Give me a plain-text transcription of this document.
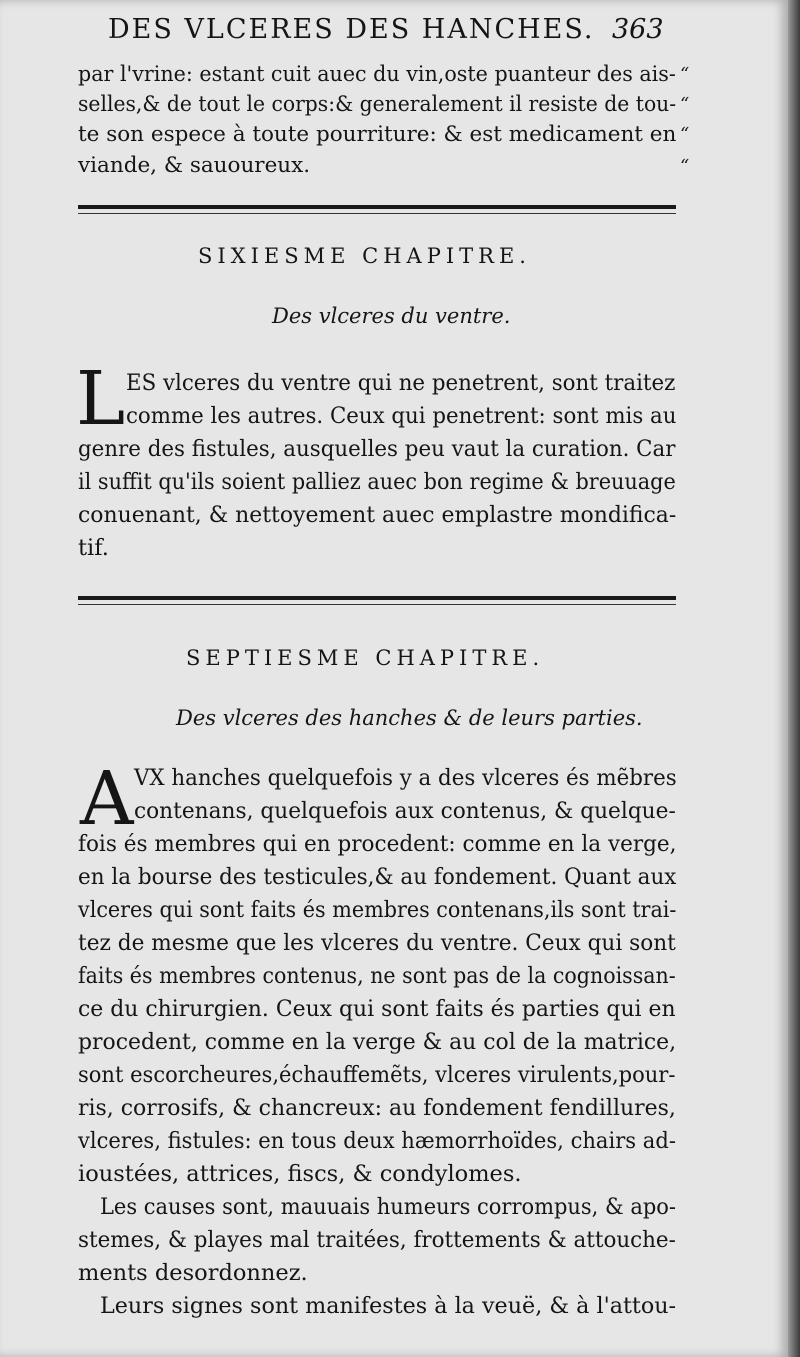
DES VLCERES DES HANCHES. 363
par l'vrine: estant cuit auec du vin,oste puanteur des ais-
selles,& de tout le corps:& generalement il resiste de tou-
te son espece à toute pourriture: & est medicament en
viande, & sauoureux.
“
“
“
“
SIXIESME CHAPITRE.
Des vlceres du ventre.
L ES vlceres du ventre qui ne penetrent, sont traitez
comme les autres. Ceux qui penetrent: sont mis au
genre des fistules, ausquelles peu vaut la curation. Car
il suffit qu'ils soient palliez auec bon regime & breuuage
conuenant, & nettoyement auec emplastre mondifica-
tif.
SEPTIESME CHAPITRE.
Des vlceres des hanches & de leurs parties.
A VX hanches quelquefois y a des vlceres és mẽbres
contenans, quelquefois aux contenus, & quelque-
fois és membres qui en procedent: comme en la verge,
en la bourse des testicules,& au fondement. Quant aux
vlceres qui sont faits és membres contenans,ils sont trai-
tez de mesme que les vlceres du ventre. Ceux qui sont
faits és membres contenus, ne sont pas de la cognoissan-
ce du chirurgien. Ceux qui sont faits és parties qui en
procedent, comme en la verge & au col de la matrice,
sont escorcheures,échauffemẽts, vlceres virulents,pour-
ris, corrosifs, & chancreux: au fondement fendillures,
vlceres, fistules: en tous deux hæmorrhoïdes, chairs ad-
ioustées, attrices, fiscs, & condylomes.
Les causes sont, mauuais humeurs corrompus, & apo-
stemes, & playes mal traitées, frottements & attouche-
ments desordonnez.
Leurs signes sont manifestes à la veuë, & à l'attou-
